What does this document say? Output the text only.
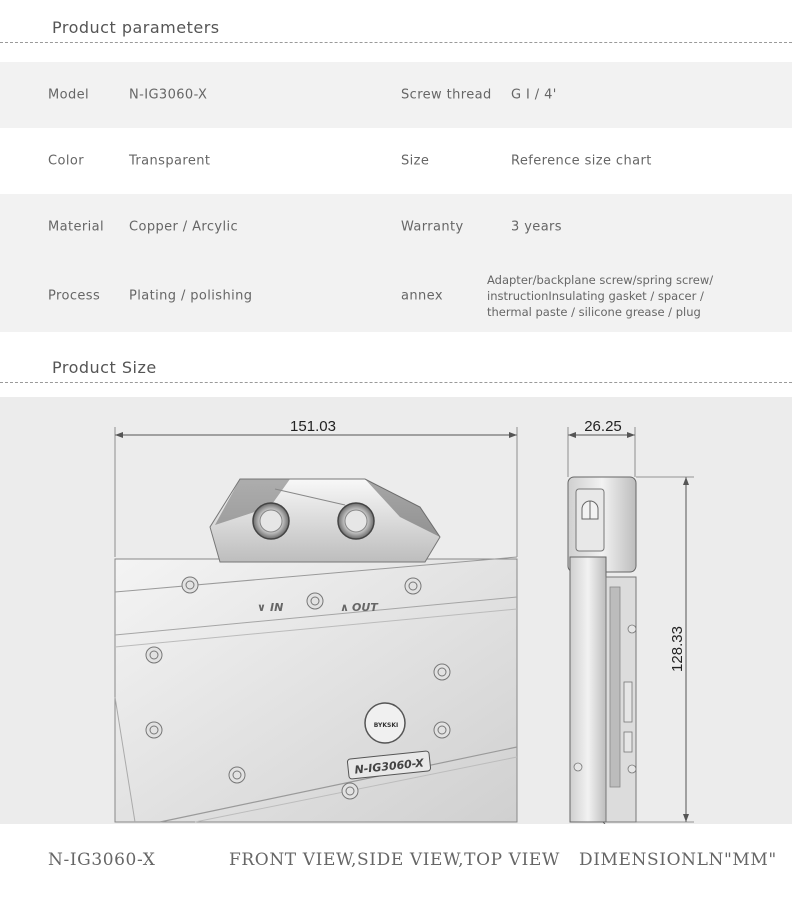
Product parameters
Model	N-IG3060-X	Screw thread G I / 4'
Color	Transparent	Size	Reference size chart
Material Copper / Arcylic	Warranty	3 years
Process Plating / polishing	annex
Adapter/backplane screw/spring screw/
instructionInsulating gasket / spacer /
thermal paste / silicone grease / plug
Product Size
151.03
∨ IN	∧ OUT
BYKSKI
N-IG3060-X
26.25
128.33
N-IG3060-X	FRONT VIEW,SIDE VIEW,TOP VIEW DIMENSIONLN"MM"
